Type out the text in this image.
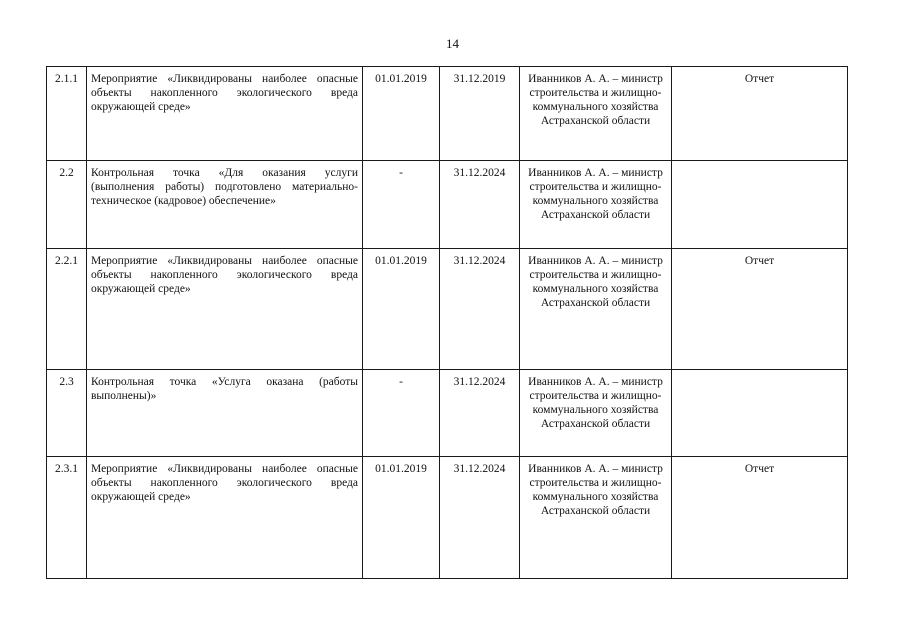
14
2.1.1	Мероприятие «Ликвидированы наиболее опасные объекты накопленного экологического вреда окружающей среде»	01.01.2019	31.12.2019	Иванников А. А. – министр строительства и жилищно-коммунального хозяйства Астраханской области	Отчет
2.2	Контрольная точка «Для оказания услуги (выполнения работы) подготовлено материально-техническое (кадровое) обеспечение»	-	31.12.2024	Иванников А. А. – министр строительства и жилищно-коммунального хозяйства Астраханской области	
2.2.1	Мероприятие «Ликвидированы наиболее опасные объекты накопленного экологического вреда окружающей среде»	01.01.2019	31.12.2024	Иванников А. А. – министр строительства и жилищно-коммунального хозяйства Астраханской области	Отчет
2.3	Контрольная точка «Услуга оказана (работы выполнены)»	-	31.12.2024	Иванников А. А. – министр строительства и жилищно-коммунального хозяйства Астраханской области	
2.3.1	Мероприятие «Ликвидированы наиболее опасные объекты накопленного экологического вреда окружающей среде»	01.01.2019	31.12.2024	Иванников А. А. – министр строительства и жилищно-коммунального хозяйства Астраханской области	Отчет
